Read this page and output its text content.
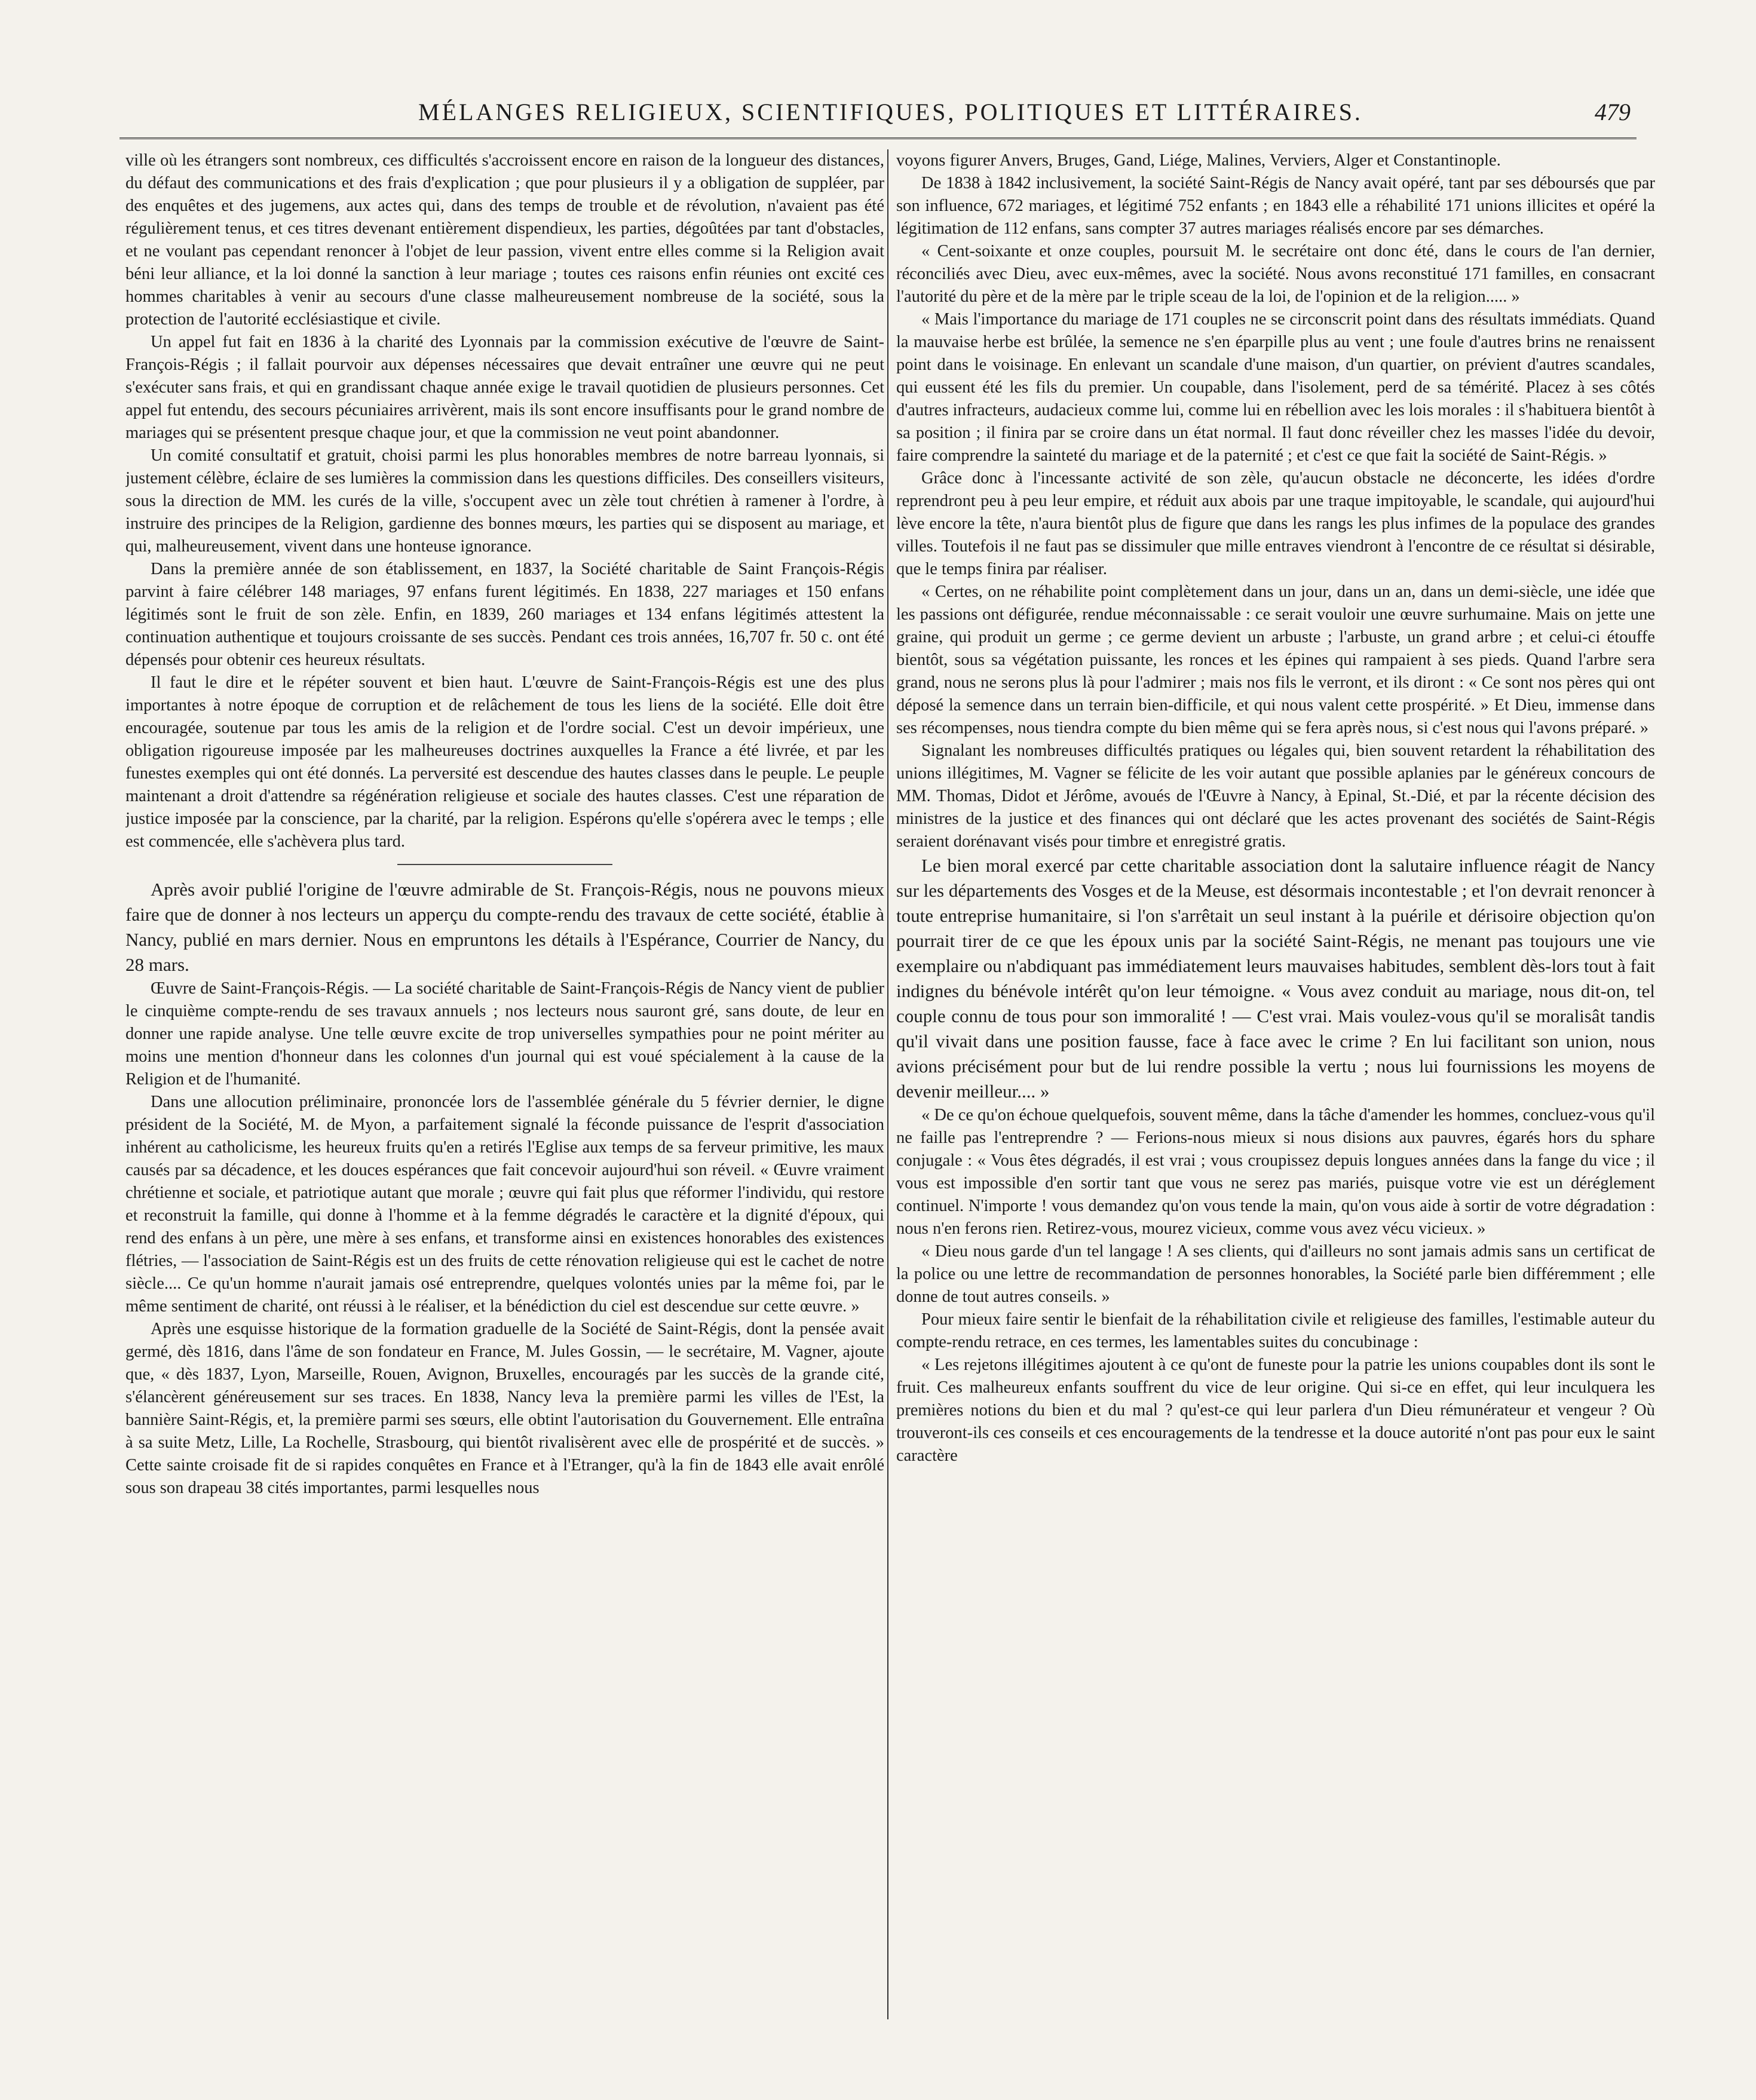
MÉLANGES RELIGIEUX, SCIENTIFIQUES, POLITIQUES ET LITTÉRAIRES.	479

ville où les étrangers sont nombreux, ces difficultés s'accroissent encore en raison de la longueur des distances, du défaut des communications et des frais d'explication ; que pour plusieurs il y a obligation de suppléer, par des enquêtes et des jugemens, aux actes qui, dans des temps de trouble et de révolution, n'avaient pas été régulièrement tenus, et ces titres devenant entièrement dispendieux, les parties, dégoûtées par tant d'obstacles, et ne voulant pas cependant renoncer à l'objet de leur passion, vivent entre elles comme si la Religion avait béni leur alliance, et la loi donné la sanction à leur mariage ; toutes ces raisons enfin réunies ont excité ces hommes charitables à venir au secours d'une classe malheureusement nombreuse de la société, sous la protection de l'autorité ecclésiastique et civile.

Un appel fut fait en 1836 à la charité des Lyonnais par la commission exécutive de l'œuvre de Saint-François-Régis ; il fallait pourvoir aux dépenses nécessaires que devait entraîner une œuvre qui ne peut s'exécuter sans frais, et qui en grandissant chaque année exige le travail quotidien de plusieurs personnes. Cet appel fut entendu, des secours pécuniaires arrivèrent, mais ils sont encore insuffisants pour le grand nombre de mariages qui se présentent presque chaque jour, et que la commission ne veut point abandonner.

Un comité consultatif et gratuit, choisi parmi les plus honorables membres de notre barreau lyonnais, si justement célèbre, éclaire de ses lumières la commission dans les questions difficiles. Des conseillers visiteurs, sous la direction de MM. les curés de la ville, s'occupent avec un zèle tout chrétien à ramener à l'ordre, à instruire des principes de la Religion, gardienne des bonnes mœurs, les parties qui se disposent au mariage, et qui, malheureusement, vivent dans une honteuse ignorance.

Dans la première année de son établissement, en 1837, la Société charitable de Saint François-Régis parvint à faire célébrer 148 mariages, 97 enfans furent légitimés. En 1838, 227 mariages et 150 enfans légitimés sont le fruit de son zèle. Enfin, en 1839, 260 mariages et 134 enfans légitimés attestent la continuation authentique et toujours croissante de ses succès. Pendant ces trois années, 16,707 fr. 50 c. ont été dépensés pour obtenir ces heureux résultats.

Il faut le dire et le répéter souvent et bien haut. L'œuvre de Saint-François-Régis est une des plus importantes à notre époque de corruption et de relâchement de tous les liens de la société. Elle doit être encouragée, soutenue par tous les amis de la religion et de l'ordre social. C'est un devoir impérieux, une obligation rigoureuse imposée par les malheureuses doctrines auxquelles la France a été livrée, et par les funestes exemples qui ont été donnés. La perversité est descendue des hautes classes dans le peuple. Le peuple maintenant a droit d'attendre sa régénération religieuse et sociale des hautes classes. C'est une réparation de justice imposée par la conscience, par la charité, par la religion. Espérons qu'elle s'opérera avec le temps ; elle est commencée, elle s'achèvera plus tard.

Après avoir publié l'origine de l'œuvre admirable de St. François-Régis, nous ne pouvons mieux faire que de donner à nos lecteurs un apperçu du compte-rendu des travaux de cette société, établie à Nancy, publié en mars dernier. Nous en empruntons les détails à l'Espérance, Courrier de Nancy, du 28 mars.

Œuvre de Saint-François-Régis. — La société charitable de Saint-François-Régis de Nancy vient de publier le cinquième compte-rendu de ses travaux annuels ; nos lecteurs nous sauront gré, sans doute, de leur en donner une rapide analyse. Une telle œuvre excite de trop universelles sympathies pour ne point mériter au moins une mention d'honneur dans les colonnes d'un journal qui est voué spécialement à la cause de la Religion et de l'humanité.

Dans une allocution préliminaire, prononcée lors de l'assemblée générale du 5 février dernier, le digne président de la Société, M. de Myon, a parfaitement signalé la féconde puissance de l'esprit d'association inhérent au catholicisme, les heureux fruits qu'en a retirés l'Eglise aux temps de sa ferveur primitive, les maux causés par sa décadence, et les douces espérances que fait concevoir aujourd'hui son réveil. « Œuvre vraiment chrétienne et sociale, et patriotique autant que morale ; œuvre qui fait plus que réformer l'individu, qui restore et reconstruit la famille, qui donne à l'homme et à la femme dégradés le caractère et la dignité d'époux, qui rend des enfans à un père, une mère à ses enfans, et transforme ainsi en existences honorables des existences flétries, — l'association de Saint-Régis est un des fruits de cette rénovation religieuse qui est le cachet de notre siècle.... Ce qu'un homme n'aurait jamais osé entreprendre, quelques volontés unies par la même foi, par le même sentiment de charité, ont réussi à le réaliser, et la bénédiction du ciel est descendue sur cette œuvre. »

Après une esquisse historique de la formation graduelle de la Société de Saint-Régis, dont la pensée avait germé, dès 1816, dans l'âme de son fondateur en France, M. Jules Gossin, — le secrétaire, M. Vagner, ajoute que, « dès 1837, Lyon, Marseille, Rouen, Avignon, Bruxelles, encouragés par les succès de la grande cité, s'élancèrent généreusement sur ses traces. En 1838, Nancy leva la première parmi les villes de l'Est, la bannière Saint-Régis, et, la première parmi ses sœurs, elle obtint l'autorisation du Gouvernement. Elle entraîna à sa suite Metz, Lille, La Rochelle, Strasbourg, qui bientôt rivalisèrent avec elle de prospérité et de succès. » Cette sainte croisade fit de si rapides conquêtes en France et à l'Etranger, qu'à la fin de 1843 elle avait enrôlé sous son drapeau 38 cités importantes, parmi lesquelles nous

voyons figurer Anvers, Bruges, Gand, Liége, Malines, Verviers, Alger et Constantinople.

De 1838 à 1842 inclusivement, la société Saint-Régis de Nancy avait opéré, tant par ses déboursés que par son influence, 672 mariages, et légitimé 752 enfants ; en 1843 elle a réhabilité 171 unions illicites et opéré la légitimation de 112 enfans, sans compter 37 autres mariages réalisés encore par ses démarches.

« Cent-soixante et onze couples, poursuit M. le secrétaire ont donc été, dans le cours de l'an dernier, réconciliés avec Dieu, avec eux-mêmes, avec la société. Nous avons reconstitué 171 familles, en consacrant l'autorité du père et de la mère par le triple sceau de la loi, de l'opinion et de la religion..... »

« Mais l'importance du mariage de 171 couples ne se circonscrit point dans des résultats immédiats. Quand la mauvaise herbe est brûlée, la semence ne s'en éparpille plus au vent ; une foule d'autres brins ne renaissent point dans le voisinage. En enlevant un scandale d'une maison, d'un quartier, on prévient d'autres scandales, qui eussent été les fils du premier. Un coupable, dans l'isolement, perd de sa témérité. Placez à ses côtés d'autres infracteurs, audacieux comme lui, comme lui en rébellion avec les lois morales : il s'habituera bientôt à sa position ; il finira par se croire dans un état normal. Il faut donc réveiller chez les masses l'idée du devoir, faire comprendre la sainteté du mariage et de la paternité ; et c'est ce que fait la société de Saint-Régis. »

Grâce donc à l'incessante activité de son zèle, qu'aucun obstacle ne déconcerte, les idées d'ordre reprendront peu à peu leur empire, et réduit aux abois par une traque impitoyable, le scandale, qui aujourd'hui lève encore la tête, n'aura bientôt plus de figure que dans les rangs les plus infimes de la populace des grandes villes. Toutefois il ne faut pas se dissimuler que mille entraves viendront à l'encontre de ce résultat si désirable, que le temps finira par réaliser.

« Certes, on ne réhabilite point complètement dans un jour, dans un an, dans un demi-siècle, une idée que les passions ont défigurée, rendue méconnaissable : ce serait vouloir une œuvre surhumaine. Mais on jette une graine, qui produit un germe ; ce germe devient un arbuste ; l'arbuste, un grand arbre ; et celui-ci étouffe bientôt, sous sa végétation puissante, les ronces et les épines qui rampaient à ses pieds. Quand l'arbre sera grand, nous ne serons plus là pour l'admirer ; mais nos fils le verront, et ils diront : « Ce sont nos pères qui ont déposé la semence dans un terrain bien-difficile, et qui nous valent cette prospérité. » Et Dieu, immense dans ses récompenses, nous tiendra compte du bien même qui se fera après nous, si c'est nous qui l'avons préparé. »

Signalant les nombreuses difficultés pratiques ou légales qui, bien souvent retardent la réhabilitation des unions illégitimes, M. Vagner se félicite de les voir autant que possible aplanies par le généreux concours de MM. Thomas, Didot et Jérôme, avoués de l'Œuvre à Nancy, à Epinal, St.-Dié, et par la récente décision des ministres de la justice et des finances qui ont déclaré que les actes provenant des sociétés de Saint-Régis seraient dorénavant visés pour timbre et enregistré gratis.

Le bien moral exercé par cette charitable association dont la salutaire influence réagit de Nancy sur les départements des Vosges et de la Meuse, est désormais incontestable ; et l'on devrait renoncer à toute entreprise humanitaire, si l'on s'arrêtait un seul instant à la puérile et dérisoire objection qu'on pourrait tirer de ce que les époux unis par la société Saint-Régis, ne menant pas toujours une vie exemplaire ou n'abdiquant pas immédiatement leurs mauvaises habitudes, semblent dès-lors tout à fait indignes du bénévole intérêt qu'on leur témoigne. « Vous avez conduit au mariage, nous dit-on, tel couple connu de tous pour son immoralité ! — C'est vrai. Mais voulez-vous qu'il se moralisât tandis qu'il vivait dans une position fausse, face à face avec le crime ? En lui facilitant son union, nous avions précisément pour but de lui rendre possible la vertu ; nous lui fournissions les moyens de devenir meilleur.... »

« De ce qu'on échoue quelquefois, souvent même, dans la tâche d'amender les hommes, concluez-vous qu'il ne faille pas l'entreprendre ? — Ferions-nous mieux si nous disions aux pauvres, égarés hors du sphare conjugale : « Vous êtes dégradés, il est vrai ; vous croupissez depuis longues années dans la fange du vice ; il vous est impossible d'en sortir tant que vous ne serez pas mariés, puisque votre vie est un déréglement continuel. N'importe ! vous demandez qu'on vous tende la main, qu'on vous aide à sortir de votre dégradation : nous n'en ferons rien. Retirez-vous, mourez vicieux, comme vous avez vécu vicieux. »

« Dieu nous garde d'un tel langage ! A ses clients, qui d'ailleurs no sont jamais admis sans un certificat de la police ou une lettre de recommandation de personnes honorables, la Société parle bien différemment ; elle donne de tout autres conseils. »

Pour mieux faire sentir le bienfait de la réhabilitation civile et religieuse des familles, l'estimable auteur du compte-rendu retrace, en ces termes, les lamentables suites du concubinage :

« Les rejetons illégitimes ajoutent à ce qu'ont de funeste pour la patrie les unions coupables dont ils sont le fruit. Ces malheureux enfants souffrent du vice de leur origine. Qui si-ce en effet, qui leur inculquera les premières notions du bien et du mal ? qu'est-ce qui leur parlera d'un Dieu rémunérateur et vengeur ? Où trouveront-ils ces conseils et ces encouragements de la tendresse et la douce autorité n'ont pas pour eux le saint caractère
